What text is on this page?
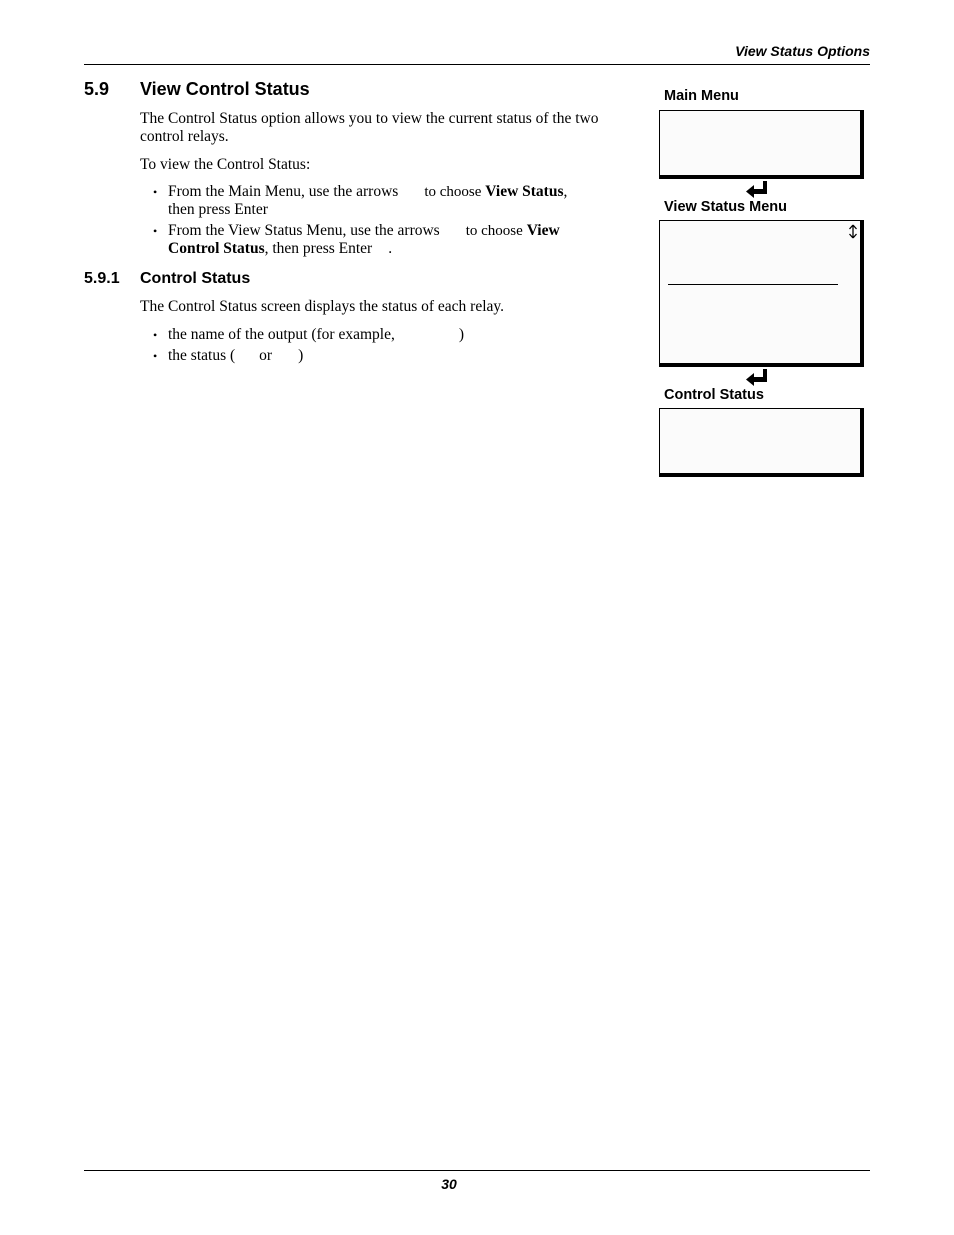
View Status Options
5.9 View Control Status
The Control Status option allows you to view the current status of the two control relays.
To view the Control Status:
• From the Main Menu, use the arrows to choose View Status,
then press Enter
• From the View Status Menu, use the arrows to choose View
Control Status, then press Enter .
5.9.1 Control Status
The Control Status screen displays the status of each relay.
• the name of the output (for example,	)
• the status ( or )
Main Menu
View Status Menu
Control Status
30
